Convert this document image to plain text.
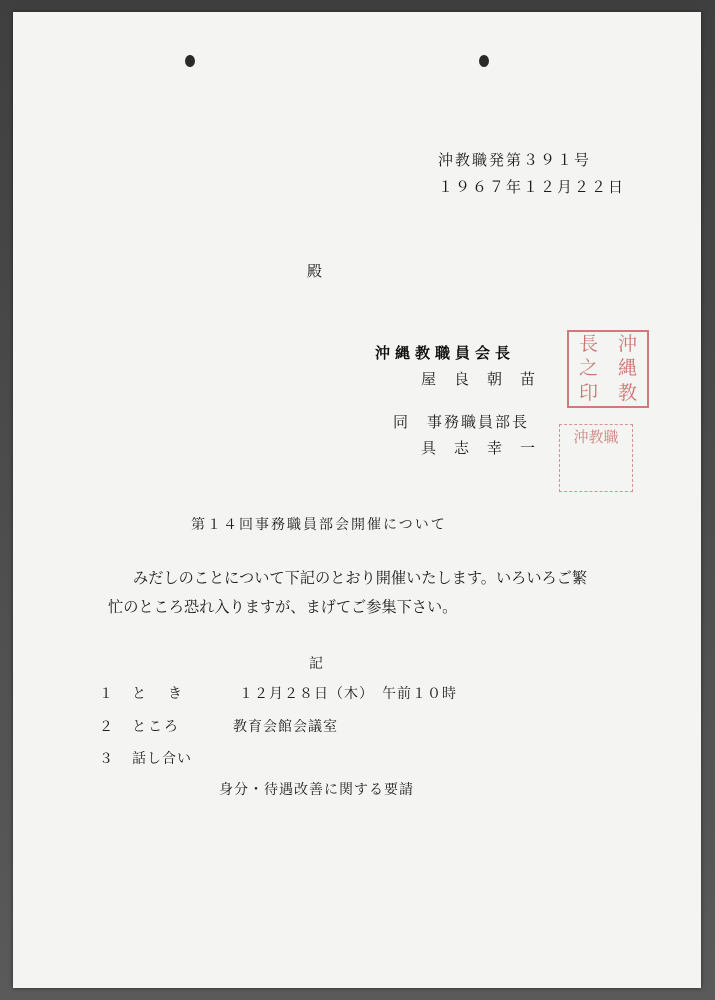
沖教職発第３９１号
１９６７年１２月２２日
殿
沖縄教職員会長
屋良朝苗
同　事務職員部長
具志幸一
長	沖
之	縄
印	教
沖教職
第１４回事務職員部会開催について
みだしのことについて下記のとおり開催いたします。いろいろご繁
忙のところ恐れ入りますが、まげてご参集下さい。
記
１ と　き	１２月２８日（木）　午前１０時
２ ところ	教育会館会議室
３ 話し合い
身分・待遇改善に関する要請
